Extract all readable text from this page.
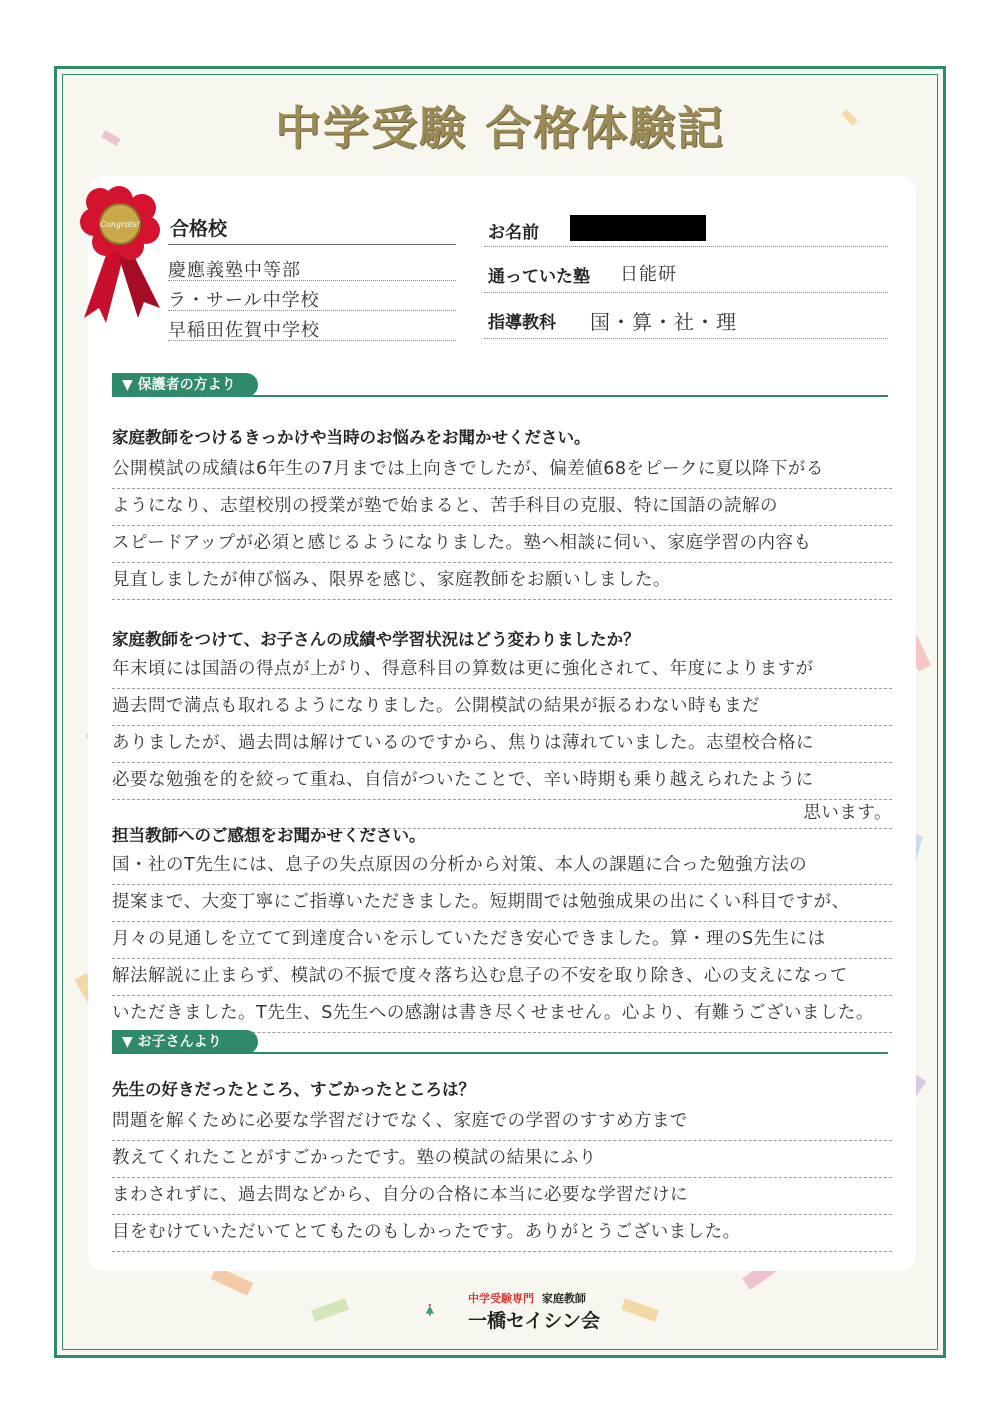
中学受験 合格体験記
Congrats! 合格校
慶應義塾中等部
ラ・サール中学校
早稲田佐賀中学校
お名前
通っていた塾 日能研
指導教科 国・算・社・理
▼ 保護者の方より
家庭教師をつけるきっかけや当時のお悩みをお聞かせください。
公開模試の成績は6年生の7月までは上向きでしたが、偏差値68をピークに夏以降下がる
ようになり、志望校別の授業が塾で始まると、苦手科目の克服、特に国語の読解の
スピードアップが必須と感じるようになりました。塾へ相談に伺い、家庭学習の内容も
見直しましたが伸び悩み、限界を感じ、家庭教師をお願いしました。
家庭教師をつけて、お子さんの成績や学習状況はどう変わりましたか？
年末頃には国語の得点が上がり、得意科目の算数は更に強化されて、年度によりますが
過去問で満点も取れるようになりました。公開模試の結果が振るわない時もまだ
ありましたが、過去問は解けているのですから、焦りは薄れていました。志望校合格に
必要な勉強を的を絞って重ね、自信がついたことで、辛い時期も乗り越えられたように
思います。
担当教師へのご感想をお聞かせください。
国・社のT先生には、息子の失点原因の分析から対策、本人の課題に合った勉強方法の
提案まで、大変丁寧にご指導いただきました。短期間では勉強成果の出にくい科目ですが、
月々の見通しを立てて到達度合いを示していただき安心できました。算・理のS先生には
解法解説に止まらず、模試の不振で度々落ち込む息子の不安を取り除き、心の支えになって
いただきました。T先生、S先生への感謝は書き尽くせません。心より、有難うございました。
▼ お子さんより
先生の好きだったところ、すごかったところは？
問題を解くために必要な学習だけでなく、家庭での学習のすすめ方まで
教えてくれたことがすごかったです。塾の模試の結果にふり
まわされずに、過去問などから、自分の合格に本当に必要な学習だけに
目をむけていただいてとてもたのもしかったです。ありがとうございました。
中学受験専門 家庭教師
一橋セイシン会
